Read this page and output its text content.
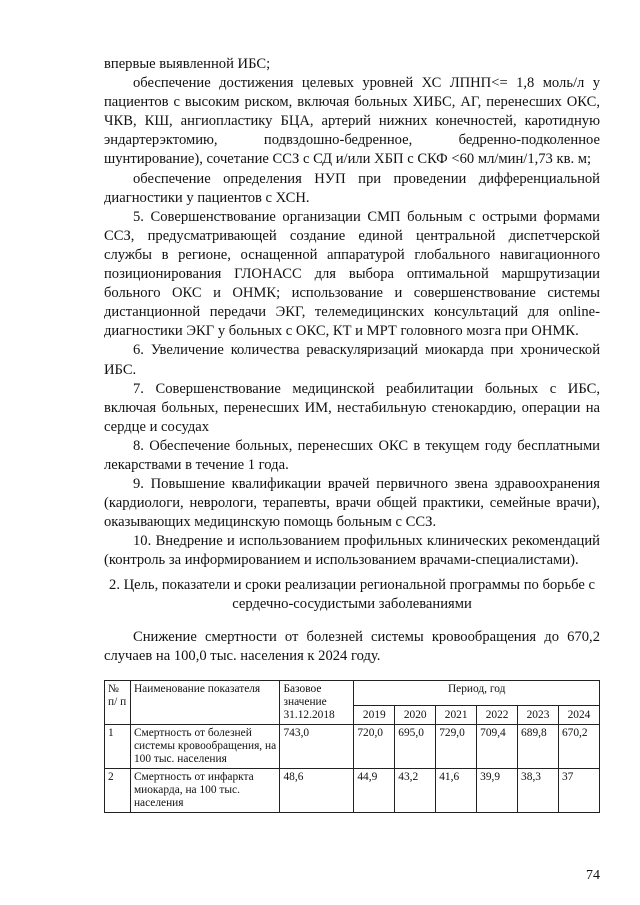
впервые выявленной ИБС;

обеспечение достижения целевых уровней ХС ЛПНП<= 1,8 моль/л у пациентов с высоким риском, включая больных ХИБС, АГ, перенесших ОКС, ЧКВ, КШ, ангиопластику БЦА, артерий нижних конечностей, каротидную эндартерэктомию, подвздошно-бедренное, бедренно-подколенное шунтирование), сочетание ССЗ с СД и/или ХБП с СКФ <60 мл/мин/1,73 кв. м;

обеспечение определения НУП при проведении дифференциальной диагностики у пациентов с ХСН.

5. Совершенствование организации СМП больным с острыми формами ССЗ, предусматривающей создание единой центральной диспетчерской службы в регионе, оснащенной аппаратурой глобального навигационного позиционирования ГЛОНАСС для выбора оптимальной маршрутизации больного ОКС и ОНМК; использование и совершенствование системы дистанционной передачи ЭКГ, телемедицинских консультаций для online-диагностики ЭКГ у больных с ОКС, КТ и МРТ головного мозга при ОНМК.

6. Увеличение количества реваскуляризаций миокарда при хронической ИБС.

7. Совершенствование медицинской реабилитации больных с ИБС, включая больных, перенесших ИМ, нестабильную стенокардию, операции на сердце и сосудах

8. Обеспечение больных, перенесших ОКС в текущем году бесплатными лекарствами в течение 1 года.

9. Повышение квалификации врачей первичного звена здравоохранения (кардиологи, неврологи, терапевты, врачи общей практики, семейные врачи), оказывающих медицинскую помощь больным с ССЗ.

10. Внедрение и использованием профильных клинических рекомендаций (контроль за информированием и использованием врачами-специалистами).

2. Цель, показатели и сроки реализации региональной программы по борьбе с
сердечно-сосудистыми заболеваниями

Снижение смертности от болезней системы кровообращения до 670,2 случаев на 100,0 тыс. населения к 2024 году.

№ п/ п	Наименование показателя	Базовое значение 31.12.2018	Период, год					
			2019	2020	2021	2022	2023	2024
1	Смертность от болезней системы кровообращения, на 100 тыс. населения	743,0	720,0	695,0	729,0	709,4	689,8	670,2
2	Смертность от инфаркта миокарда, на 100 тыс. населения	48,6	44,9	43,2	41,6	39,9	38,3	37
74
